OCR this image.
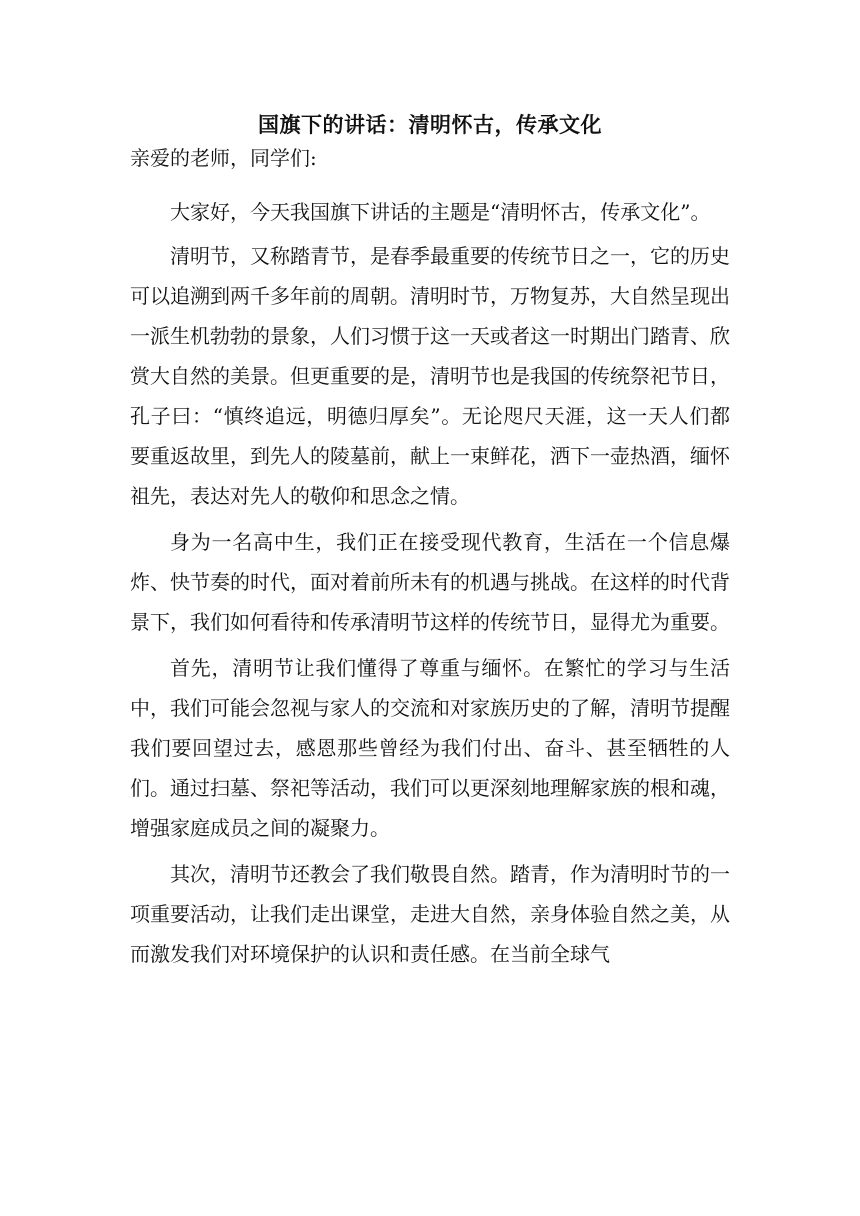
国旗下的讲话：清明怀古，传承文化

亲爱的老师，同学们:

大家好，今天我国旗下讲话的主题是“清明怀古，传承文化”。

清明节，又称踏青节，是春季最重要的传统节日之一，它的历史可以追溯到两千多年前的周朝。清明时节，万物复苏，大自然呈现出一派生机勃勃的景象，人们习惯于这一天或者这一时期出门踏青、欣赏大自然的美景。但更重要的是，清明节也是我国的传统祭祀节日，孔子曰：“慎终追远，明德归厚矣”。无论咫尺天涯，这一天人们都要重返故里，到先人的陵墓前，献上一束鲜花，洒下一壶热酒，缅怀祖先，表达对先人的敬仰和思念之情。

身为一名高中生，我们正在接受现代教育，生活在一个信息爆炸、快节奏的时代，面对着前所未有的机遇与挑战。在这样的时代背景下，我们如何看待和传承清明节这样的传统节日，显得尤为重要。

首先，清明节让我们懂得了尊重与缅怀。在繁忙的学习与生活中，我们可能会忽视与家人的交流和对家族历史的了解，清明节提醒我们要回望过去，感恩那些曾经为我们付出、奋斗、甚至牺牲的人们。通过扫墓、祭祀等活动，我们可以更深刻地理解家族的根和魂，增强家庭成员之间的凝聚力。

其次，清明节还教会了我们敬畏自然。踏青，作为清明时节的一项重要活动，让我们走出课堂，走进大自然，亲身体验自然之美，从而激发我们对环境保护的认识和责任感。在当前全球气
